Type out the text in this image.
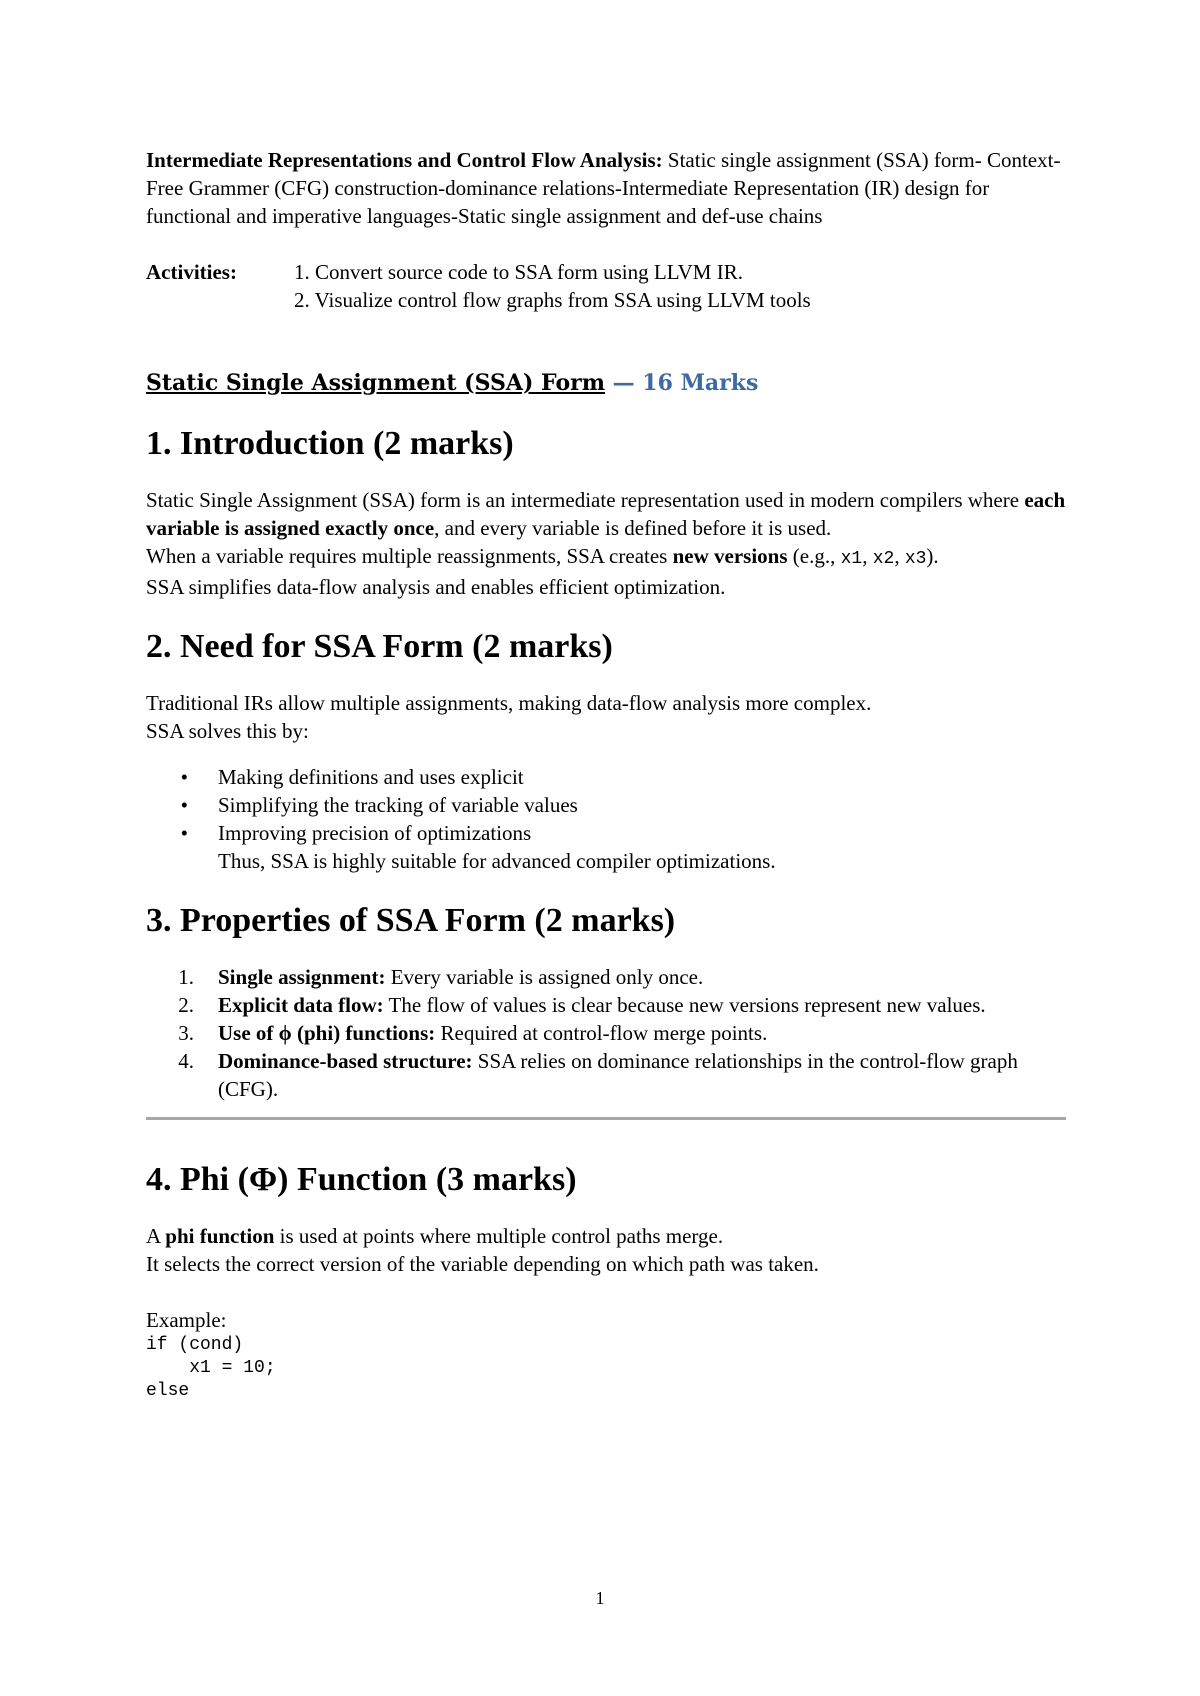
Intermediate Representations and Control Flow Analysis: Static single assignment (SSA) form- Context-Free Grammer (CFG) construction-dominance relations-Intermediate Representation (IR) design for functional and imperative languages-Static single assignment and def-use chains

Activities:	1. Convert source code to SSA form using LLVM IR.
2. Visualize control flow graphs from SSA using LLVM tools
Static Single Assignment (SSA) Form — 16 Marks
1. Introduction (2 marks)

Static Single Assignment (SSA) form is an intermediate representation used in modern compilers where each variable is assigned exactly once, and every variable is defined before it is used.

When a variable requires multiple reassignments, SSA creates new versions (e.g., x1, x2, x3).

SSA simplifies data-flow analysis and enables efficient optimization.

2. Need for SSA Form (2 marks)

Traditional IRs allow multiple assignments, making data-flow analysis more complex.

SSA solves this by:

• Making definitions and uses explicit
• Simplifying the tracking of variable values
• Improving precision of optimizations
Thus, SSA is highly suitable for advanced compiler optimizations.
3. Properties of SSA Form (2 marks)
1. Single assignment: Every variable is assigned only once.
2. Explicit data flow: The flow of values is clear because new versions represent new values.
3. Use of ϕ (phi) functions: Required at control-flow merge points.
4. Dominance-based structure: SSA relies on dominance relationships in the control-flow graph (CFG).
4. Phi (Φ) Function (3 marks)

A phi function is used at points where multiple control paths merge.

It selects the correct version of the variable depending on which path was taken.

Example:

if (cond)
x1 = 10;
else
1
